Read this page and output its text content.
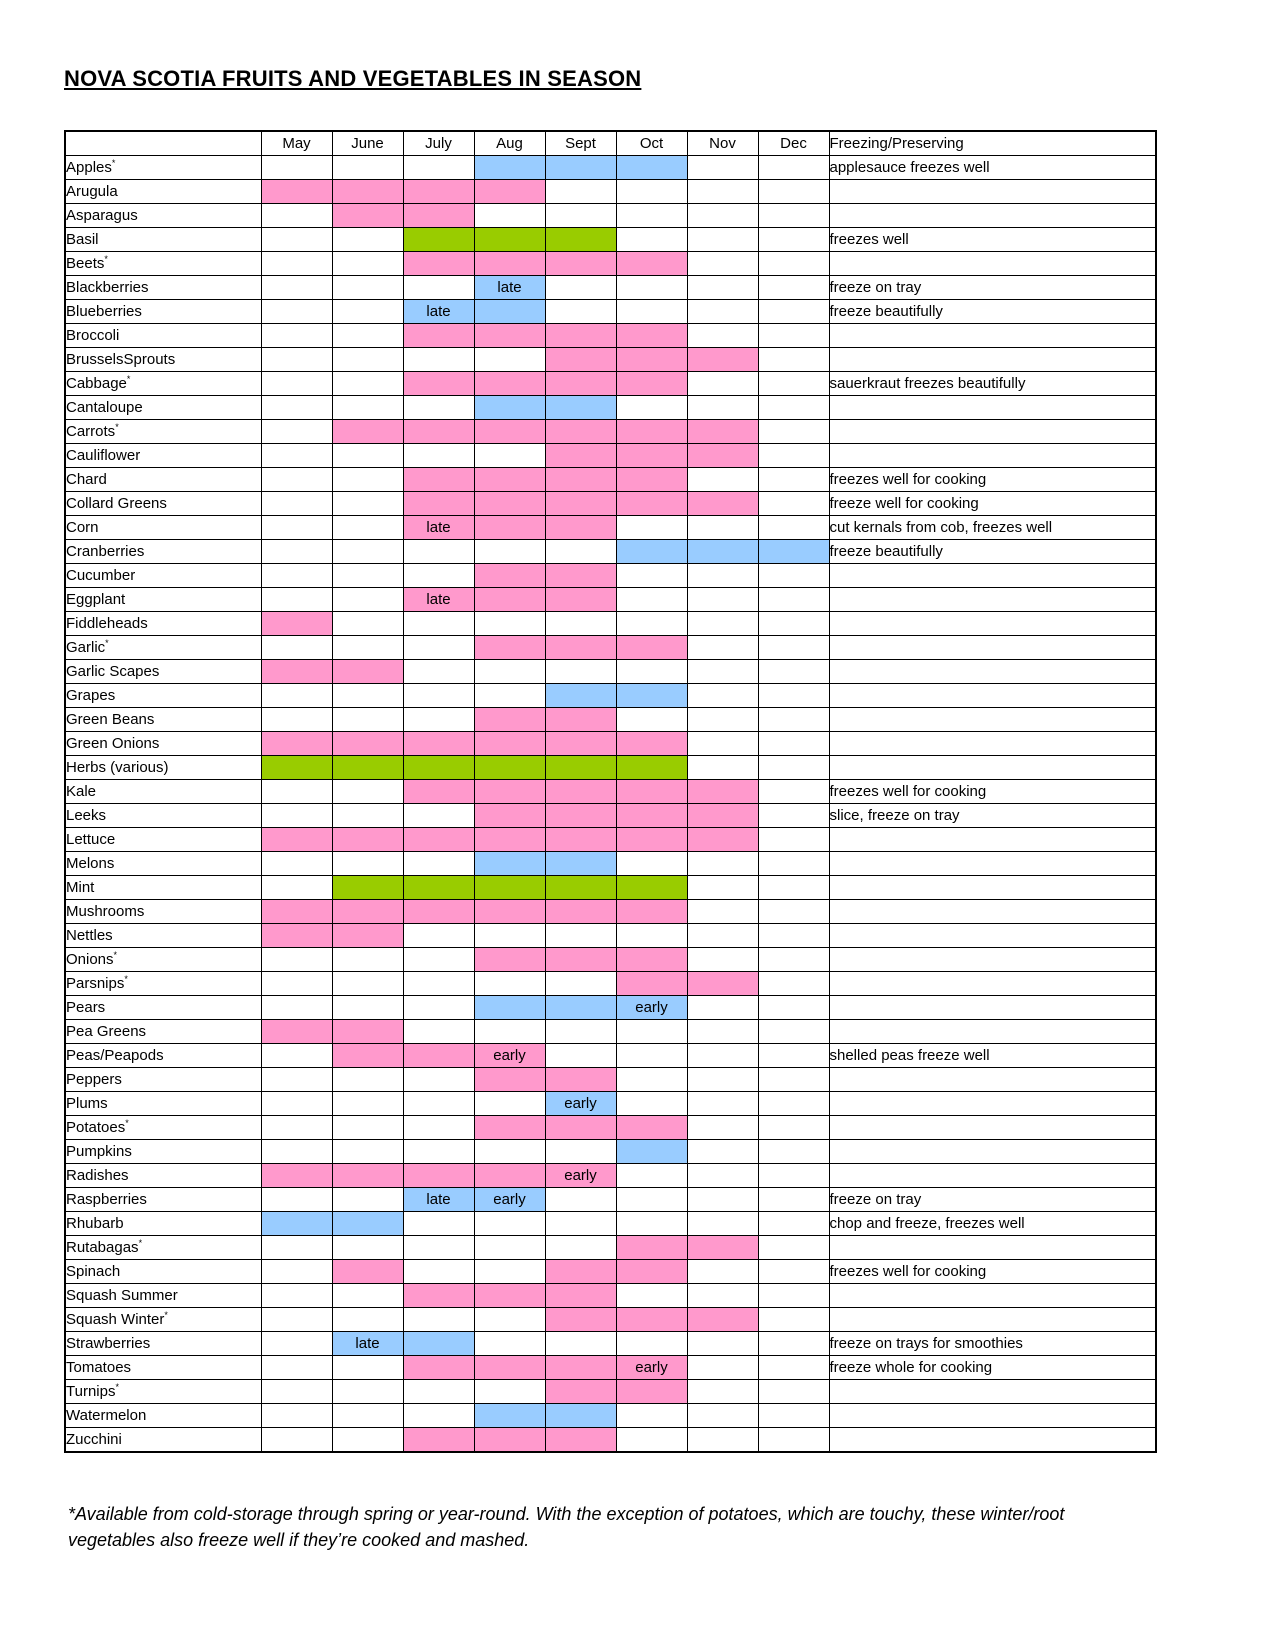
NOVA SCOTIA FRUITS AND VEGETABLES IN SEASON
	May	June	July	Aug	Sept	Oct	Nov	Dec	Freezing/Preserving
Apples*									applesauce freezes well
Arugula									
Asparagus									
Basil									freezes well
Beets*									
Blackberries				late					freeze on tray
Blueberries			late						freeze beautifully
Broccoli									
BrusselsSprouts									
Cabbage*									sauerkraut freezes beautifully
Cantaloupe									
Carrots*									
Cauliflower									
Chard									freezes well for cooking
Collard Greens									freeze well for cooking
Corn			late						cut kernals from cob, freezes well
Cranberries									freeze beautifully
Cucumber									
Eggplant			late						
Fiddleheads									
Garlic*									
Garlic Scapes									
Grapes									
Green Beans									
Green Onions									
Herbs (various)									
Kale									freezes well for cooking
Leeks									slice, freeze on tray
Lettuce									
Melons									
Mint									
Mushrooms									
Nettles									
Onions*									
Parsnips*									
Pears						early			
Pea Greens									
Peas/Peapods				early					shelled peas freeze well
Peppers									
Plums					early				
Potatoes*									
Pumpkins									
Radishes					early				
Raspberries			late	early					freeze on tray
Rhubarb									chop and freeze, freezes well
Rutabagas*									
Spinach									freezes well for cooking
Squash Summer									
Squash Winter*									
Strawberries		late							freeze on trays for smoothies
Tomatoes						early			freeze whole for cooking
Turnips*									
Watermelon									
Zucchini									

*Available from cold-storage through spring or year-round. With the exception of potatoes, which are touchy, these winter/root vegetables also freeze well if they’re cooked and mashed.
